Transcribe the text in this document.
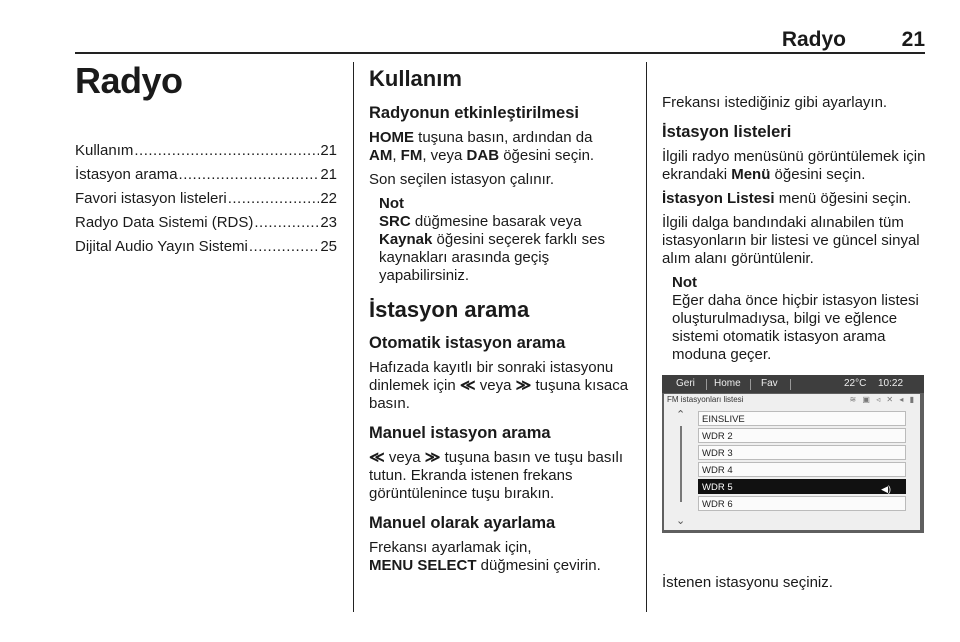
Radyo	21
Radyo
Kullanım .....	21
İstasyon arama .....	21
Favori istasyon listeleri .....	22
Radyo Data Sistemi (RDS) .....	23
Dijital Audio Yayın Sistemi .....	25

Kullanım

Radyonun etkinleştirilmesi

HOME tuşuna basın, ardından da
AM, FM, veya DAB öğesini seçin.

Son seçilen istasyon çalınır.

Not

SRC düğmesine basarak veya
Kaynak öğesini seçerek farklı ses kaynakları arasında geçiş yapabilirsiniz.

İstasyon arama

Otomatik istasyon arama

Hafızada kayıtlı bir sonraki istasyonu dinlemek için ≪ veya ≫ tuşuna kısaca basın.

Manuel istasyon arama

≪ veya ≫ tuşuna basın ve tuşu basılı tutun. Ekranda istenen frekans görüntülenince tuşu bırakın.

Manuel olarak ayarlama

Frekansı ayarlamak için,
MENU SELECT düğmesini çevirin.

Frekansı istediğiniz gibi ayarlayın.

İstasyon listeleri

İlgili radyo menüsünü görüntülemek için ekrandaki Menü öğesini seçin.

İstasyon Listesi menü öğesini seçin.

İlgili dalga bandındaki alınabilen tüm istasyonların bir listesi ve güncel sinyal alım alanı görüntülenir.

Not

Eğer daha önce hiçbir istasyon listesi oluşturulmadıysa, bilgi ve eğlence sistemi otomatik istasyon arama moduna geçer.

Geri Home Fav	22°C 10:22
FM istasyonları listesi	≋ ▣ ◃ ✕ ◂ ▮
⌃
⌄
EINSLIVE
WDR 2
WDR 3
WDR 4
WDR 5	◀)
WDR 6
İstenen istasyonu seçiniz.
